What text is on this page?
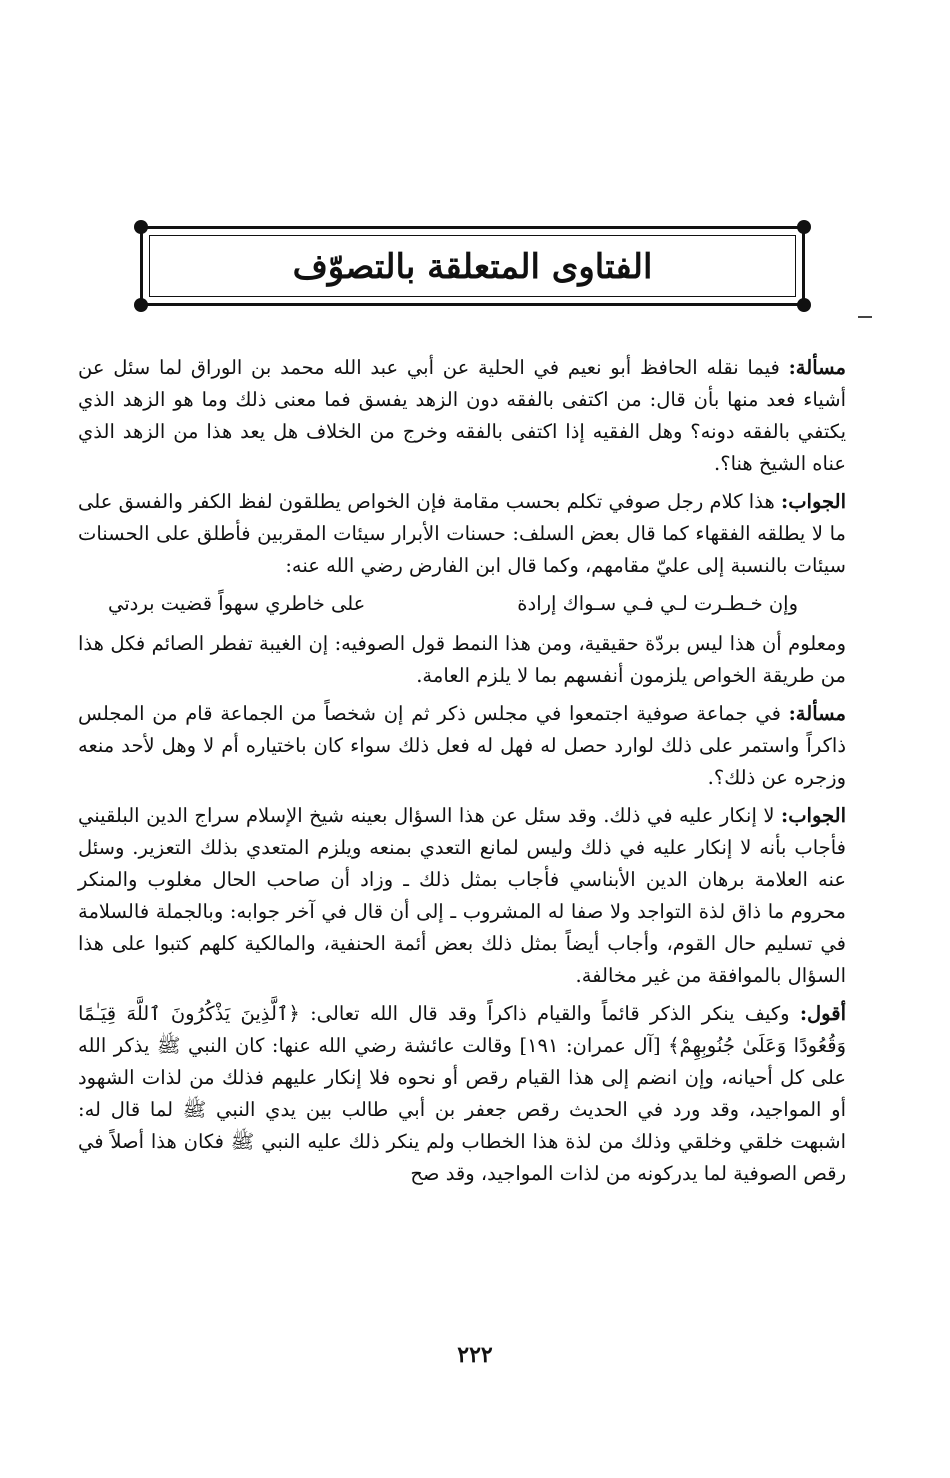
الفتاوى المتعلقة بالتصوّف

مسألة: فيما نقله الحافظ أبو نعيم في الحلية عن أبي عبد الله محمد بن الوراق لما سئل عن أشياء فعد منها بأن قال: من اكتفى بالفقه دون الزهد يفسق فما معنى ذلك وما هو الزهد الذي يكتفي بالفقه دونه؟ وهل الفقيه إذا اكتفى بالفقه وخرج من الخلاف هل يعد هذا من الزهد الذي عناه الشيخ هنا؟.

الجواب: هذا كلام رجل صوفي تكلم بحسب مقامة فإن الخواص يطلقون لفظ الكفر والفسق على ما لا يطلقه الفقهاء كما قال بعض السلف: حسنات الأبرار سيئات المقربين فأطلق على الحسنات سيئات بالنسبة إلى عليّ مقامهم، وكما قال ابن الفارض رضي الله عنه:

وإن خـطـرت لـي فـي سـواك إرادة
على خاطري سهواً قضيت بردتي

ومعلوم أن هذا ليس بردّة حقيقية، ومن هذا النمط قول الصوفيه: إن الغيبة تفطر الصائم فكل هذا من طريقة الخواص يلزمون أنفسهم بما لا يلزم العامة.

مسألة: في جماعة صوفية اجتمعوا في مجلس ذكر ثم إن شخصاً من الجماعة قام من المجلس ذاكراً واستمر على ذلك لوارد حصل له فهل له فعل ذلك سواء كان باختياره أم لا وهل لأحد منعه وزجره عن ذلك؟.

الجواب: لا إنكار عليه في ذلك. وقد سئل عن هذا السؤال بعينه شيخ الإسلام سراج الدين البلقيني فأجاب بأنه لا إنكار عليه في ذلك وليس لمانع التعدي بمنعه ويلزم المتعدي بذلك التعزير. وسئل عنه العلامة برهان الدين الأبناسي فأجاب بمثل ذلك ـ وزاد أن صاحب الحال مغلوب والمنكر محروم ما ذاق لذة التواجد ولا صفا له المشروب ـ إلى أن قال في آخر جوابه: وبالجملة فالسلامة في تسليم حال القوم، وأجاب أيضاً بمثل ذلك بعض أئمة الحنفية، والمالكية كلهم كتبوا على هذا السؤال بالموافقة من غير مخالفة.

أقول: وكيف ينكر الذكر قائماً والقيام ذاكراً وقد قال الله تعالى: ﴿ٱلَّذِينَ يَذْكُرُونَ ٱللَّهَ قِيَـٰمًا وَقُعُودًا وَعَلَىٰ جُنُوبِهِمْ﴾ [آل عمران: ١٩١] وقالت عائشة رضي الله عنها: كان النبي ﷺ يذكر الله على كل أحيانه، وإن انضم إلى هذا القيام رقص أو نحوه فلا إنكار عليهم فذلك من لذات الشهود أو المواجيد، وقد ورد في الحديث رقص جعفر بن أبي طالب بين يدي النبي ﷺ لما قال له: اشبهت خلقي وخلقي وذلك من لذة هذا الخطاب ولم ينكر ذلك عليه النبي ﷺ فكان هذا أصلاً في رقص الصوفية لما يدركونه من لذات المواجيد، وقد صح

٢٢٢
